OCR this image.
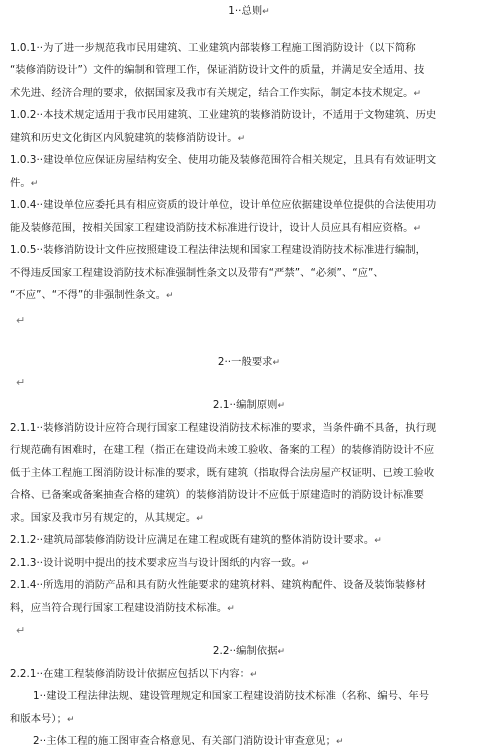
1··总则↵
1.0.1··为了进一步规范我市民用建筑、工业建筑内部装修工程施工图消防设计（以下简称
“装修消防设计”）文件的编制和管理工作，保证消防设计文件的质量，并满足安全适用、技
术先进、经济合理的要求，依据国家及我市有关规定，结合工作实际，制定本技术规定。↵
1.0.2··本技术规定适用于我市民用建筑、工业建筑的装修消防设计，不适用于文物建筑、历史
建筑和历史文化街区内风貌建筑的装修消防设计。↵
1.0.3··建设单位应保证房屋结构安全、使用功能及装修范围符合相关规定，且具有有效证明文
件。↵
1.0.4··建设单位应委托具有相应资质的设计单位，设计单位应依据建设单位提供的合法使用功
能及装修范围，按相关国家工程建设消防技术标准进行设计，设计人员应具有相应资格。↵
1.0.5··装修消防设计文件应按照建设工程法律法规和国家工程建设消防技术标准进行编制，
不得违反国家工程建设消防技术标准强制性条文以及带有“严禁”、“必须”、“应”、
“不应”、“不得”的非强制性条文。↵
↵
2··一般要求↵
↵
2.1··编制原则↵
2.1.1··装修消防设计应符合现行国家工程建设消防技术标准的要求，当条件确不具备，执行现
行规范确有困难时，在建工程（指正在建设尚未竣工验收、备案的工程）的装修消防设计不应
低于主体工程施工图消防设计标准的要求，既有建筑（指取得合法房屋产权证明、已竣工验收
合格、已备案或备案抽查合格的建筑）的装修消防设计不应低于原建造时的消防设计标准要
求。国家及我市另有规定的，从其规定。↵
2.1.2··建筑局部装修消防设计应满足在建工程或既有建筑的整体消防设计要求。↵
2.1.3··设计说明中提出的技术要求应当与设计图纸的内容一致。↵
2.1.4··所选用的消防产品和具有防火性能要求的建筑材料、建筑构配件、设备及装饰装修材
料，应当符合现行国家工程建设消防技术标准。↵
↵
2.2··编制依据↵
2.2.1··在建工程装修消防设计依据应包括以下内容：↵
1··建设工程法律法规、建设管理规定和国家工程建设消防技术标准（名称、编号、年号
和版本号）；↵
2··主体工程的施工图审查合格意见、有关部门消防设计审查意见；↵
